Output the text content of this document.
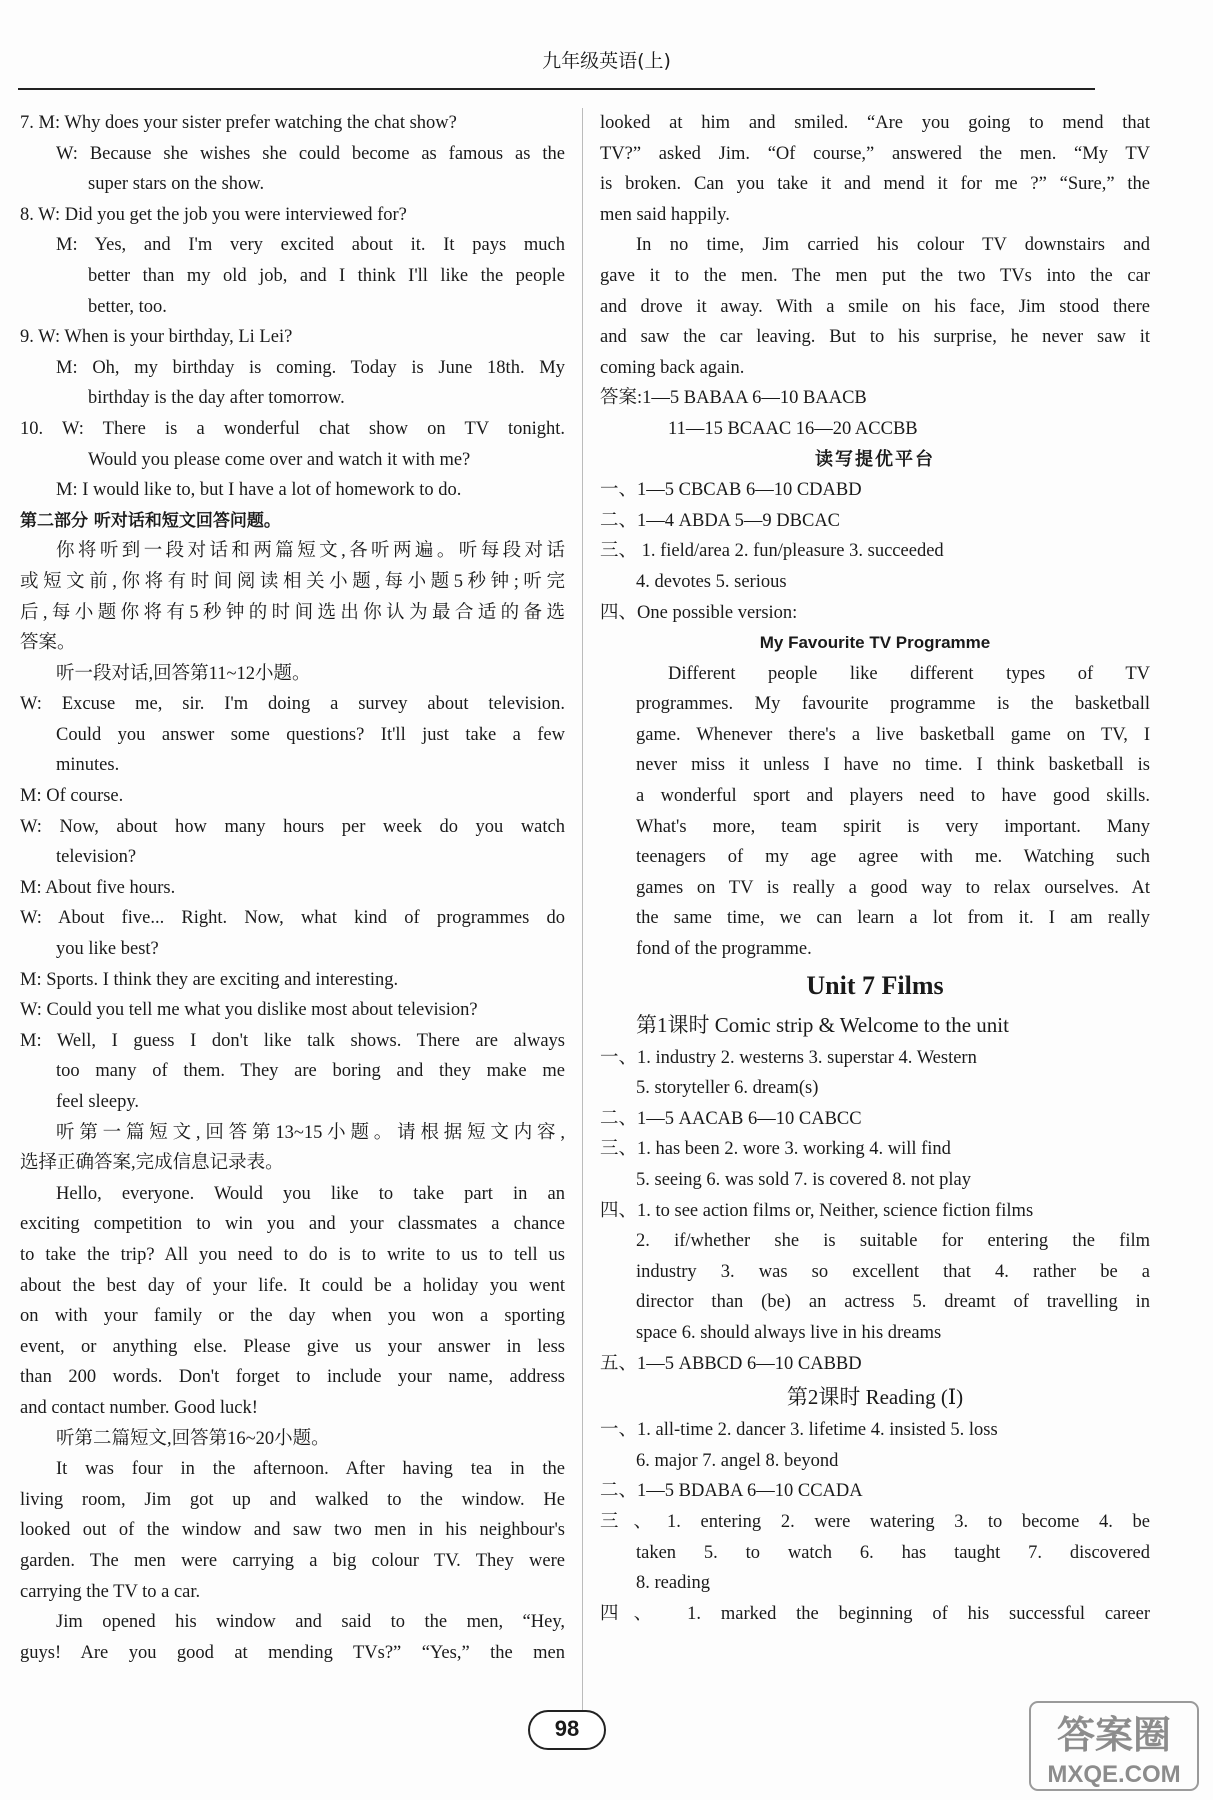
九年级英语(上)
7. M: Why does your sister prefer watching the chat show?
W: Because she wishes she could become as famous as the
super stars on the show.
8. W: Did you get the job you were interviewed for?
M: Yes, and I'm very excited about it. It pays much
better than my old job, and I think I'll like the people
better, too.
9. W: When is your birthday, Li Lei?
M: Oh, my birthday is coming. Today is June 18th. My
birthday is the day after tomorrow.
10. W: There is a wonderful chat show on TV tonight.
Would you please come over and watch it with me?
M: I would like to, but I have a lot of homework to do.
第二部分 听对话和短文回答问题。
你将听到一段对话和两篇短文,各听两遍。听每段对话
或短文前,你将有时间阅读相关小题,每小题5秒钟;听完
后,每小题你将有5秒钟的时间选出你认为最合适的备选
答案。
听一段对话,回答第11~12小题。
W: Excuse me, sir. I'm doing a survey about television.
Could you answer some questions? It'll just take a few
minutes.
M: Of course.
W: Now, about how many hours per week do you watch
television?
M: About five hours.
W: About five... Right. Now, what kind of programmes do
you like best?
M: Sports. I think they are exciting and interesting.
W: Could you tell me what you dislike most about television?
M: Well, I guess I don't like talk shows. There are always
too many of them. They are boring and they make me
feel sleepy.
听第一篇短文,回答第13~15小题。请根据短文内容,
选择正确答案,完成信息记录表。
Hello, everyone. Would you like to take part in an
exciting competition to win you and your classmates a chance
to take the trip? All you need to do is to write to us to tell us
about the best day of your life. It could be a holiday you went
on with your family or the day when you won a sporting
event, or anything else. Please give us your answer in less
than 200 words. Don't forget to include your name, address
and contact number. Good luck!
听第二篇短文,回答第16~20小题。
It was four in the afternoon. After having tea in the
living room, Jim got up and walked to the window. He
looked out of the window and saw two men in his neighbour's
garden. The men were carrying a big colour TV. They were
carrying the TV to a car.
Jim opened his window and said to the men, “Hey,
guys! Are you good at mending TVs?” “Yes,” the men
looked at him and smiled. “Are you going to mend that
TV?” asked Jim. “Of course,” answered the men. “My TV
is broken. Can you take it and mend it for me ?” “Sure,” the
men said happily.
In no time, Jim carried his colour TV downstairs and
gave it to the men. The men put the two TVs into the car
and drove it away. With a smile on his face, Jim stood there
and saw the car leaving. But to his surprise, he never saw it
coming back again.
答案:1—5 BABAA 6—10 BAACB
11—15 BCAAC 16—20 ACCBB
读写提优平台
一、1—5 CBCAB 6—10 CDABD
二、1—4 ABDA 5—9 DBCAC
三、 1. field/area 2. fun/pleasure 3. succeeded
4. devotes 5. serious
四、One possible version:
My Favourite TV Programme
Different people like different types of TV
programmes. My favourite programme is the basketball
game. Whenever there's a live basketball game on TV, I
never miss it unless I have no time. I think basketball is
a wonderful sport and players need to have good skills.
What's more, team spirit is very important. Many
teenagers of my age agree with me. Watching such
games on TV is really a good way to relax ourselves. At
the same time, we can learn a lot from it. I am really
fond of the programme.
Unit 7 Films
第1课时 Comic strip & Welcome to the unit
一、1. industry 2. westerns 3. superstar 4. Western
5. storyteller 6. dream(s)
二、1—5 AACAB 6—10 CABCC
三、1. has been 2. wore 3. working 4. will find
5. seeing 6. was sold 7. is covered 8. not play
四、1. to see action films or, Neither, science fiction films
2. if/whether she is suitable for entering the film
industry 3. was so excellent that 4. rather be a
director than (be) an actress 5. dreamt of travelling in
space 6. should always live in his dreams
五、1—5 ABBCD 6—10 CABBD
第2课时 Reading (Ⅰ)
一、1. all-time 2. dancer 3. lifetime 4. insisted 5. loss
6. major 7. angel 8. beyond
二、1—5 BDABA 6—10 CCADA
三、1. entering 2. were watering 3. to become 4. be
taken 5. to watch 6. has taught 7. discovered
8. reading
四、 1. marked the beginning of his successful career
98	答案圈
MXQE.COM
